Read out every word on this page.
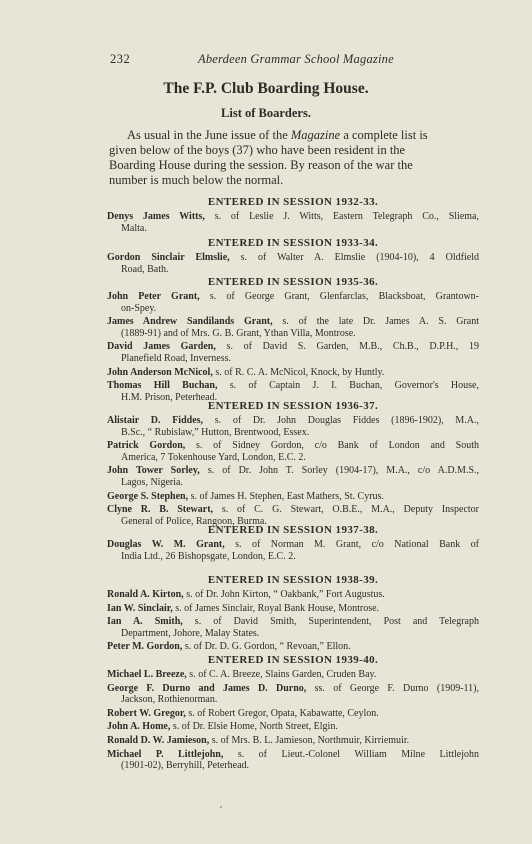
232	Aberdeen Grammar School Magazine
The F.P. Club Boarding House.
List of Boarders.
As usual in the June issue of the Magazine a complete list is
given below of the boys (37) who have been resident in the
Boarding House during the session. By reason of the war the
number is much below the normal.
ENTERED IN SESSION 1932-33.
Denys James Witts, s. of Leslie J. Witts, Eastern Telegraph Co., Sliema,
Malta.
ENTERED IN SESSION 1933-34.
Gordon Sinclair Elmslie, s. of Walter A. Elmslie (1904-10), 4 Oldfield
Road, Bath.
ENTERED IN SESSION 1935-36.
John Peter Grant, s. of George Grant, Glenfarclas, Blacksboat, Grantown-
on-Spey.
James Andrew Sandilands Grant, s. of the late Dr. James A. S. Grant
(1889-91) and of Mrs. G. B. Grant, Ythan Villa, Montrose.
David James Garden, s. of David S. Garden, M.B., Ch.B., D.P.H., 19
Planefield Road, Inverness.
John Anderson McNicol, s. of R. C. A. McNicol, Knock, by Huntly.
Thomas Hill Buchan, s. of Captain J. I. Buchan, Governor's House,
H.M. Prison, Peterhead.
ENTERED IN SESSION 1936-37.
Alistair D. Fiddes, s. of Dr. John Douglas Fiddes (1896-1902), M.A.,
B.Sc., “ Rubislaw,” Hutton, Brentwood, Essex.
Patrick Gordon, s. of Sidney Gordon, c/o Bank of London and South
America, 7 Tokenhouse Yard, London, E.C. 2.
John Tower Sorley, s. of Dr. John T. Sorley (1904-17), M.A., c/o A.D.M.S.,
Lagos, Nigeria.
George S. Stephen, s. of James H. Stephen, East Mathers, St. Cyrus.
Clyne R. B. Stewart, s. of C. G. Stewart, O.B.E., M.A., Deputy Inspector
General of Police, Rangoon, Burma.
ENTERED IN SESSION 1937-38.
Douglas W. M. Grant, s. of Norman M. Grant, c/o National Bank of
India Ltd., 26 Bishopsgate, London, E.C. 2.
ENTERED IN SESSION 1938-39.
Ronald A. Kirton, s. of Dr. John Kirton, “ Oakbank,” Fort Augustus.
Ian W. Sinclair, s. of James Sinclair, Royal Bank House, Montrose.
Ian A. Smith, s. of David Smith, Superintendent, Post and Telegraph
Department, Johore, Malay States.
Peter M. Gordon, s. of Dr. D. G. Gordon, “ Revoan,” Ellon.
ENTERED IN SESSION 1939-40.
Michael L. Breeze, s. of C. A. Breeze, Slains Garden, Cruden Bay.
George F. Durno and James D. Durno, ss. of George F. Durno (1909-11),
Jackson, Rothienorman.
Robert W. Gregor, s. of Robert Gregor, Opata, Kabawatte, Ceylon.
John A. Home, s. of Dr. Elsie Home, North Street, Elgin.
Ronald D. W. Jamieson, s. of Mrs. B. L. Jamieson, Northmuir, Kirriemuir.
Michael P. Littlejohn, s. of Lieut.-Colonel William Milne Littlejohn
(1901-02), Berryhill, Peterhead.
